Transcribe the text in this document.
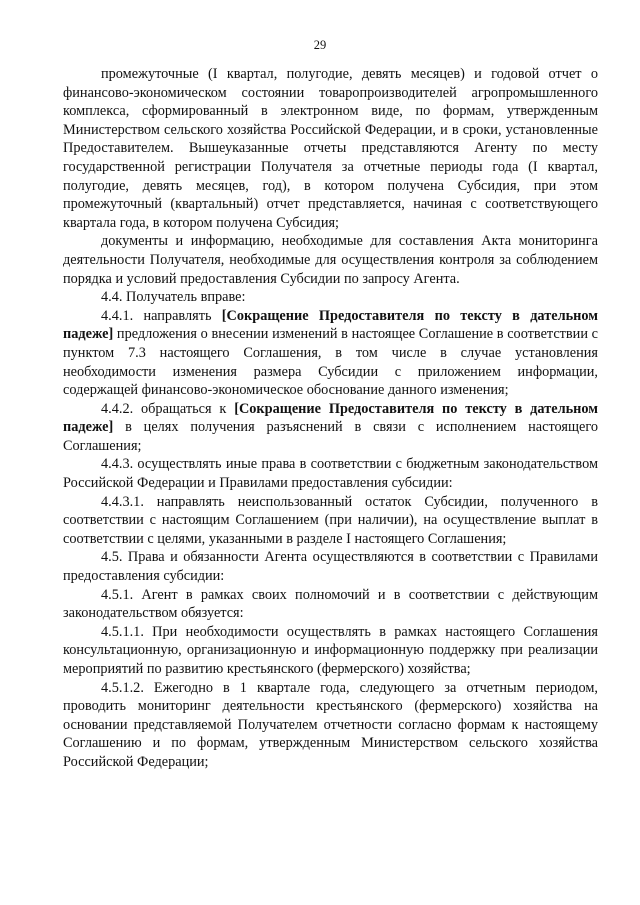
29

промежуточные (I квартал, полугодие, девять месяцев) и годовой отчет о финансово-экономическом состоянии товаропроизводителей агропромышленного комплекса, сформированный в электронном виде, по формам, утвержденным Министерством сельского хозяйства Российской Федерации, и в сроки, установленные Предоставителем. Вышеуказанные отчеты представляются Агенту по месту государственной регистрации Получателя за отчетные периоды года (I квартал, полугодие, девять месяцев, год), в котором получена Субсидия, при этом промежуточный (квартальный) отчет представляется, начиная с соответствующего квартала года, в котором получена Субсидия;

документы и информацию, необходимые для составления Акта мониторинга деятельности Получателя, необходимые для осуществления контроля за соблюдением порядка и условий предоставления Субсидии по запросу Агента.

4.4. Получатель вправе:

4.4.1. направлять [Сокращение Предоставителя по тексту в дательном падеже] предложения о внесении изменений в настоящее Соглашение в соответствии с пунктом 7.3 настоящего Соглашения, в том числе в случае установления необходимости изменения размера Субсидии с приложением информации, содержащей финансово-экономическое обоснование данного изменения;

4.4.2. обращаться к [Сокращение Предоставителя по тексту в дательном падеже] в целях получения разъяснений в связи с исполнением настоящего Соглашения;

4.4.3. осуществлять иные права в соответствии с бюджетным законодательством Российской Федерации и Правилами предоставления субсидии:

4.4.3.1. направлять неиспользованный остаток Субсидии, полученного в соответствии с настоящим Соглашением (при наличии), на осуществление выплат в соответствии с целями, указанными в разделе I настоящего Соглашения;

4.5. Права и обязанности Агента осуществляются в соответствии с Правилами предоставления субсидии:

4.5.1. Агент в рамках своих полномочий и в соответствии с действующим законодательством обязуется:

4.5.1.1. При необходимости осуществлять в рамках настоящего Соглашения консультационную, организационную и информационную поддержку при реализации мероприятий по развитию крестьянского (фермерского) хозяйства;

4.5.1.2. Ежегодно в 1 квартале года, следующего за отчетным периодом, проводить мониторинг деятельности крестьянского (фермерского) хозяйства на основании представляемой Получателем отчетности согласно формам к настоящему Соглашению и по формам, утвержденным Министерством сельского хозяйства Российской Федерации;
